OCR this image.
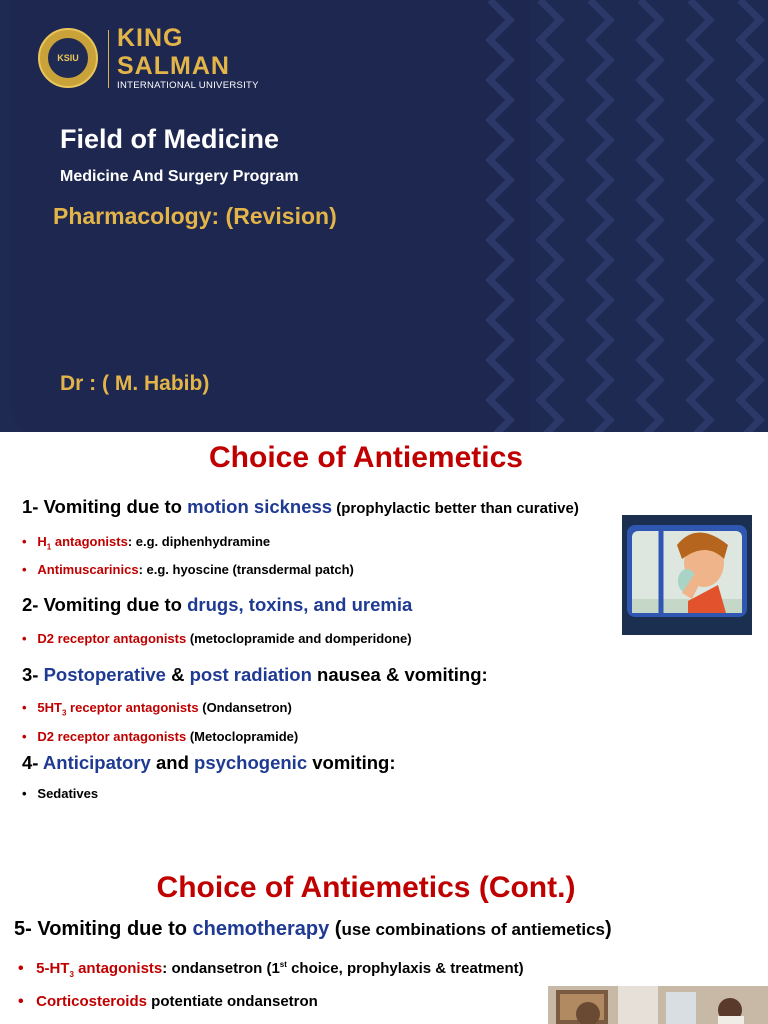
KSIU
KING
SALMAN
INTERNATIONAL UNIVERSITY
Field of Medicine
Medicine And Surgery Program
Pharmacology: (Revision)
Dr : ( M. Habib)
Choice of Antiemetics
1- Vomiting due to motion sickness (prophylactic better than curative)
• $H_1$ antagonists: e.g. diphenhydramine
• Antimuscarinics: e.g. hyoscine (transdermal patch)
2- Vomiting due to drugs, toxins, and uremia
• D2 receptor antagonists (metoclopramide and domperidone)
3- Postoperative & post radiation nausea & vomiting:
• $5HT_3$ receptor antagonists (Ondansetron)
• D2 receptor antagonists (Metoclopramide)
4- Anticipatory and psychogenic vomiting:
• Sedatives
Choice of Antiemetics (Cont.)
5- Vomiting due to chemotherapy (use combinations of antiemetics)
• $5-HT_3$ antagonists: ondansetron (1st choice, prophylaxis & treatment)
• Corticosteroids potentiate ondansetron
